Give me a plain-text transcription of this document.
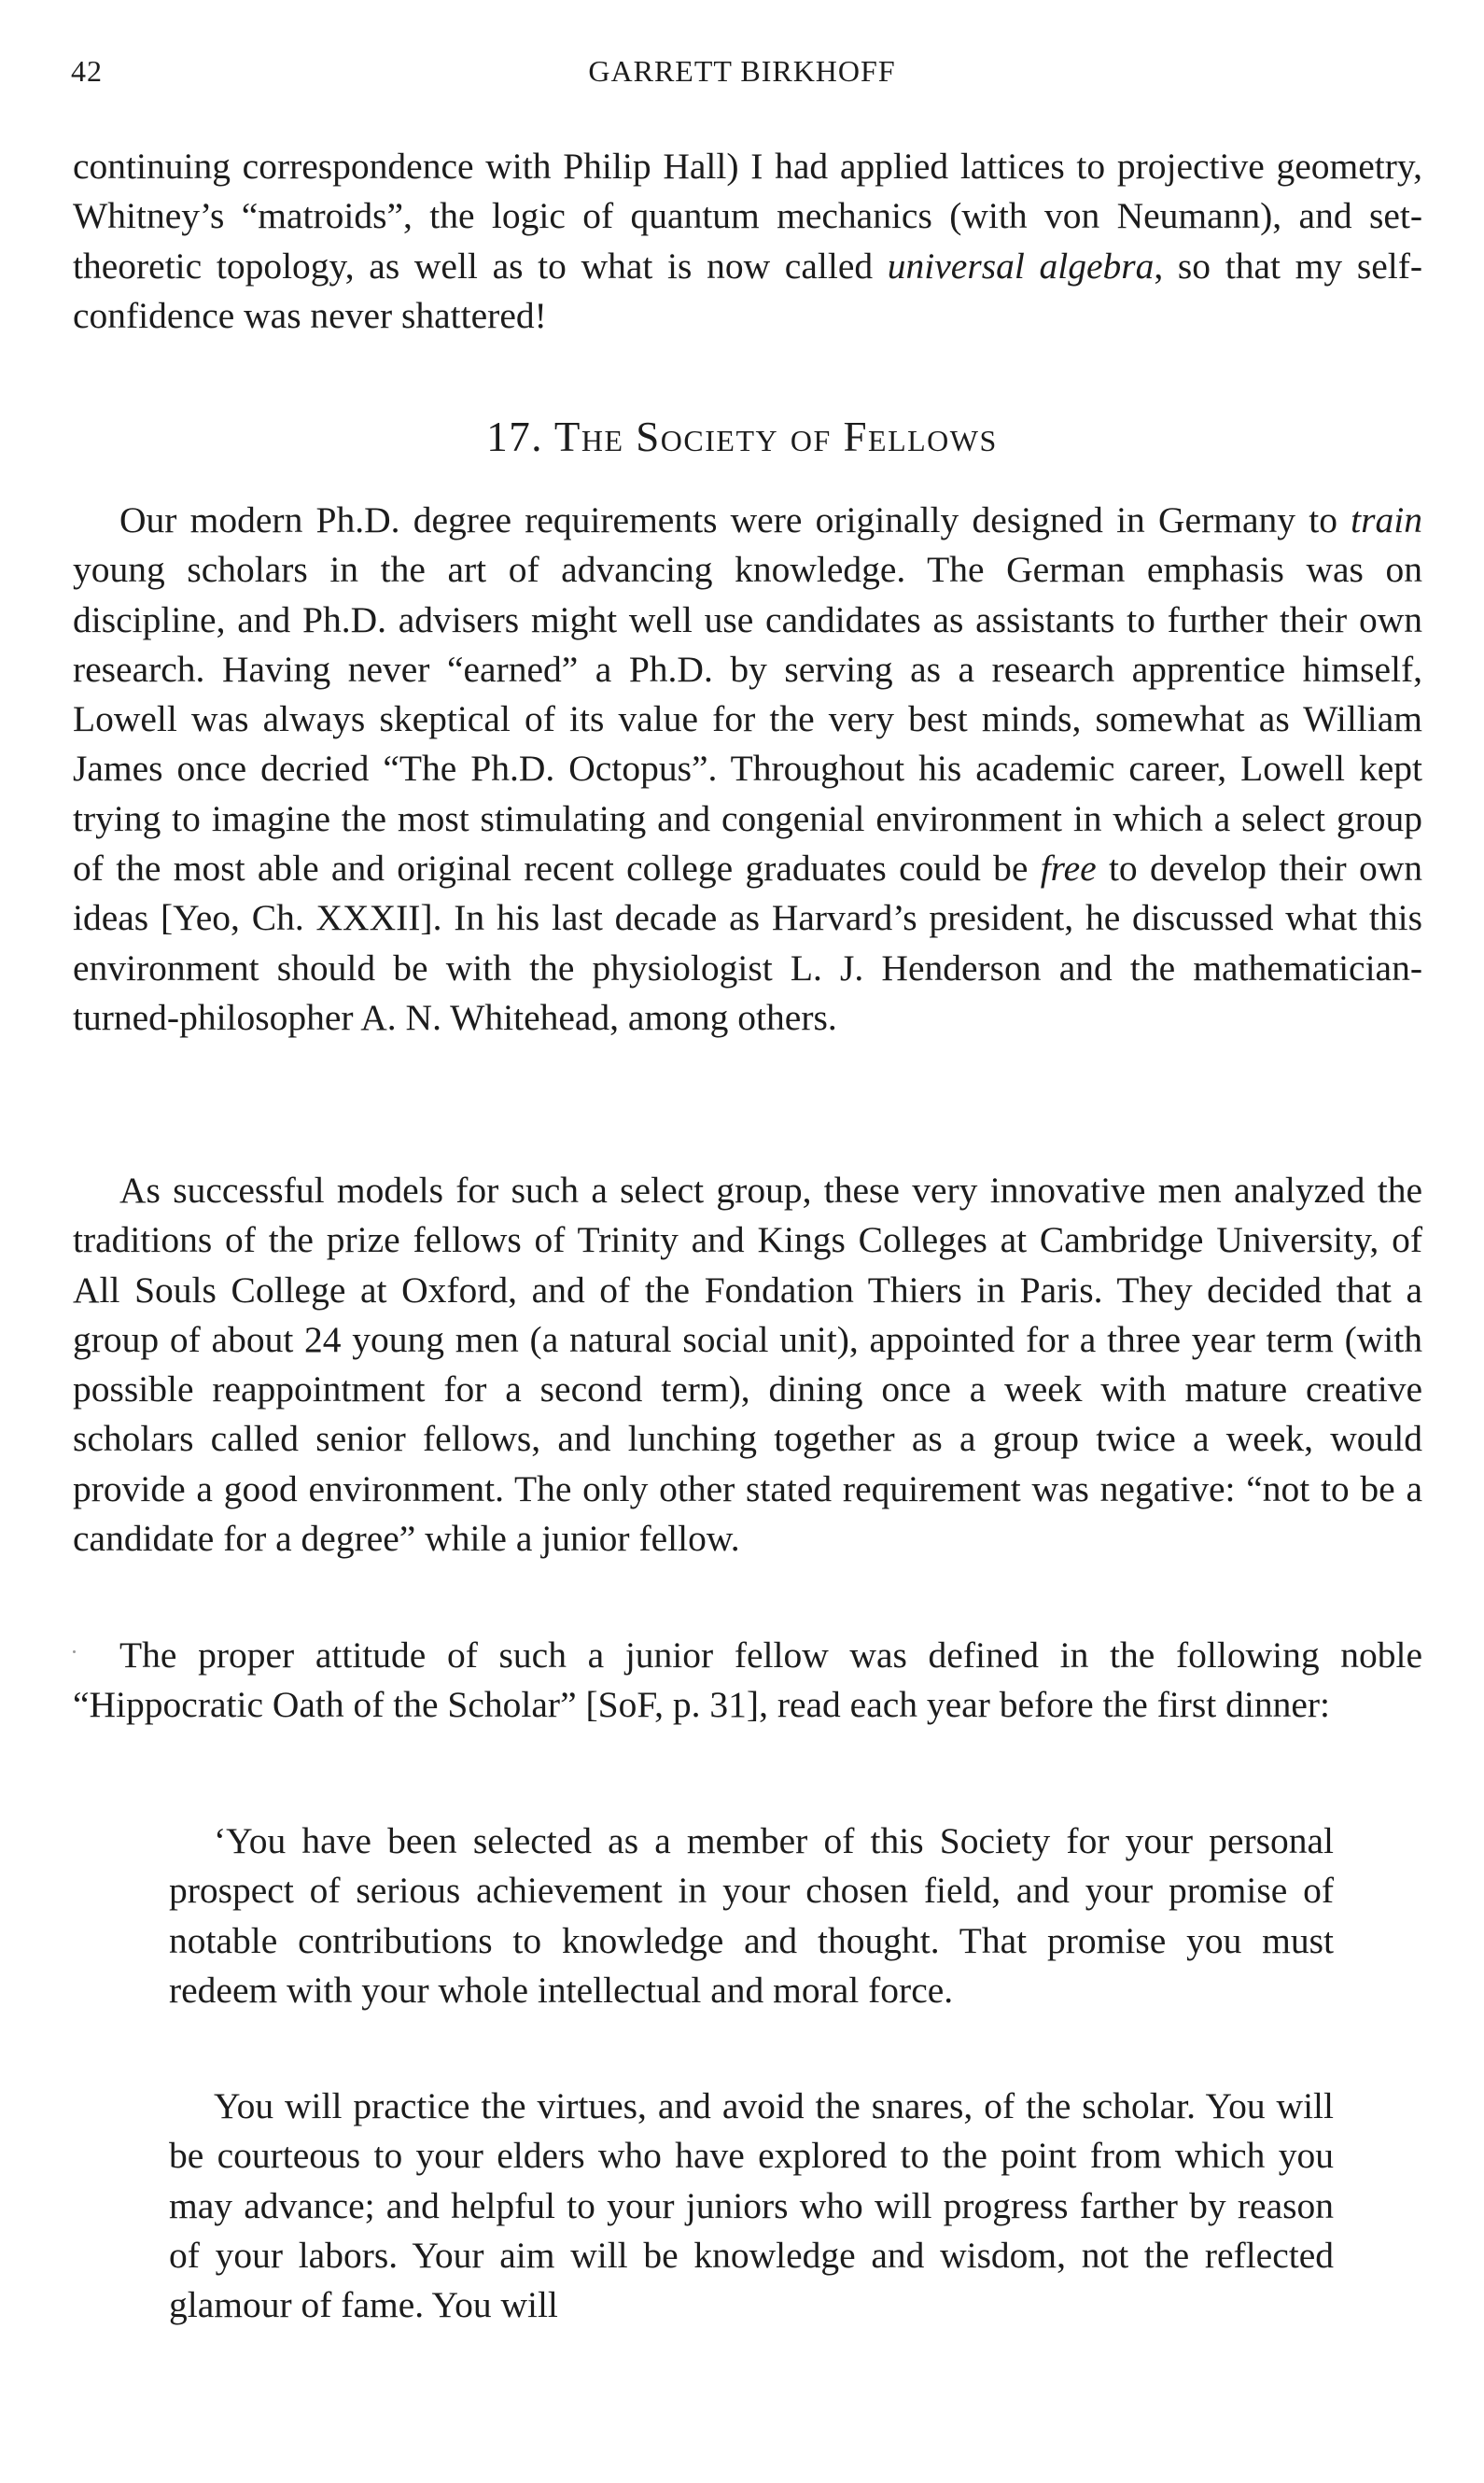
42	GARRETT BIRKHOFF

continuing correspondence with Philip Hall) I had applied lattices to projective geometry, Whitney’s “matroids”, the logic of quantum mechanics (with von Neumann), and set-theoretic topology, as well as to what is now called universal algebra, so that my self-confidence was never shattered!

17. The Society of Fellows

Our modern Ph.D. degree requirements were originally designed in Germany to train young scholars in the art of advancing knowledge. The German emphasis was on discipline, and Ph.D. advisers might well use candidates as assistants to further their own research. Having never “earned” a Ph.D. by serving as a research apprentice himself, Lowell was always skeptical of its value for the very best minds, somewhat as William James once decried “The Ph.D. Octopus”. Throughout his academic career, Lowell kept trying to imagine the most stimulating and congenial environment in which a select group of the most able and original recent college graduates could be free to develop their own ideas [Yeo, Ch. XXXII]. In his last decade as Harvard’s president, he discussed what this environment should be with the physiologist L. J. Henderson and the mathematician-turned-philosopher A. N. Whitehead, among others.

As successful models for such a select group, these very innovative men analyzed the traditions of the prize fellows of Trinity and Kings Colleges at Cambridge University, of All Souls College at Oxford, and of the Fondation Thiers in Paris. They decided that a group of about 24 young men (a natural social unit), appointed for a three year term (with possible reappointment for a second term), dining once a week with mature creative scholars called senior fellows, and lunching together as a group twice a week, would provide a good environment. The only other stated requirement was negative: “not to be a candidate for a degree” while a junior fellow.

The proper attitude of such a junior fellow was defined in the following noble “Hippocratic Oath of the Scholar” [SoF, p. 31], read each year before the first dinner:

‘You have been selected as a member of this Society for your personal prospect of serious achievement in your chosen field, and your promise of notable contributions to knowledge and thought. That promise you must redeem with your whole intellectual and moral force.

You will practice the virtues, and avoid the snares, of the scholar. You will be courteous to your elders who have explored to the point from which you may advance; and helpful to your juniors who will progress farther by reason of your labors. Your aim will be knowledge and wisdom, not the reflected glamour of fame. You will
